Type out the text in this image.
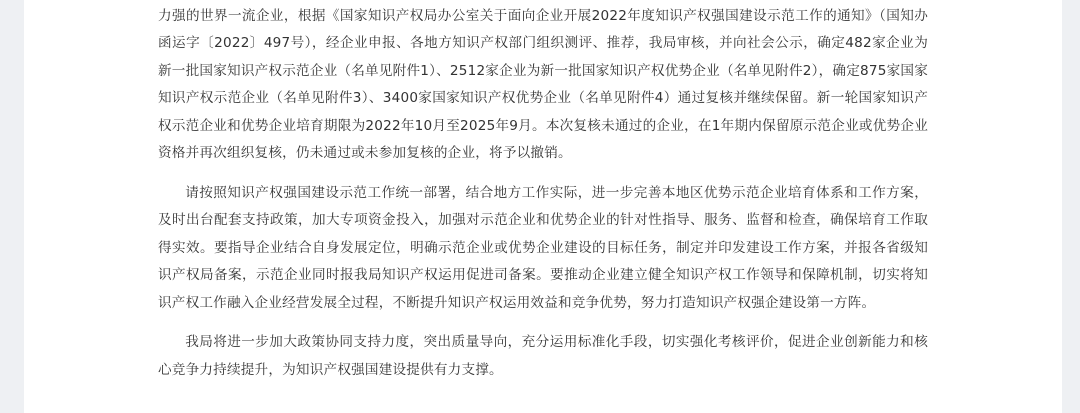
力强的世界一流企业，根据《国家知识产权局办公室关于面向企业开展2022年度知识产权强国建设示范工作的通知》（国知办函运字〔2022〕497号），经企业申报、各地方知识产权部门组织测评、推荐，我局审核，并向社会公示，确定482家企业为新一批国家知识产权示范企业（名单见附件1）、2512家企业为新一批国家知识产权优势企业（名单见附件2），确定875家国家知识产权示范企业（名单见附件3）、3400家国家知识产权优势企业（名单见附件4）通过复核并继续保留。新一轮国家知识产权示范企业和优势企业培育期限为2022年10月至2025年9月。本次复核未通过的企业，在1年期内保留原示范企业或优势企业资格并再次组织复核，仍未通过或未参加复核的企业，将予以撤销。

请按照知识产权强国建设示范工作统一部署，结合地方工作实际，进一步完善本地区优势示范企业培育体系和工作方案，及时出台配套支持政策，加大专项资金投入，加强对示范企业和优势企业的针对性指导、服务、监督和检查，确保培育工作取得实效。要指导企业结合自身发展定位，明确示范企业或优势企业建设的目标任务，制定并印发建设工作方案，并报各省级知识产权局备案，示范企业同时报我局知识产权运用促进司备案。要推动企业建立健全知识产权工作领导和保障机制，切实将知识产权工作融入企业经营发展全过程，不断提升知识产权运用效益和竞争优势，努力打造知识产权强企建设第一方阵。

我局将进一步加大政策协同支持力度，突出质量导向，充分运用标准化手段，切实强化考核评价，促进企业创新能力和核心竞争力持续提升，为知识产权强国建设提供有力支撑。
